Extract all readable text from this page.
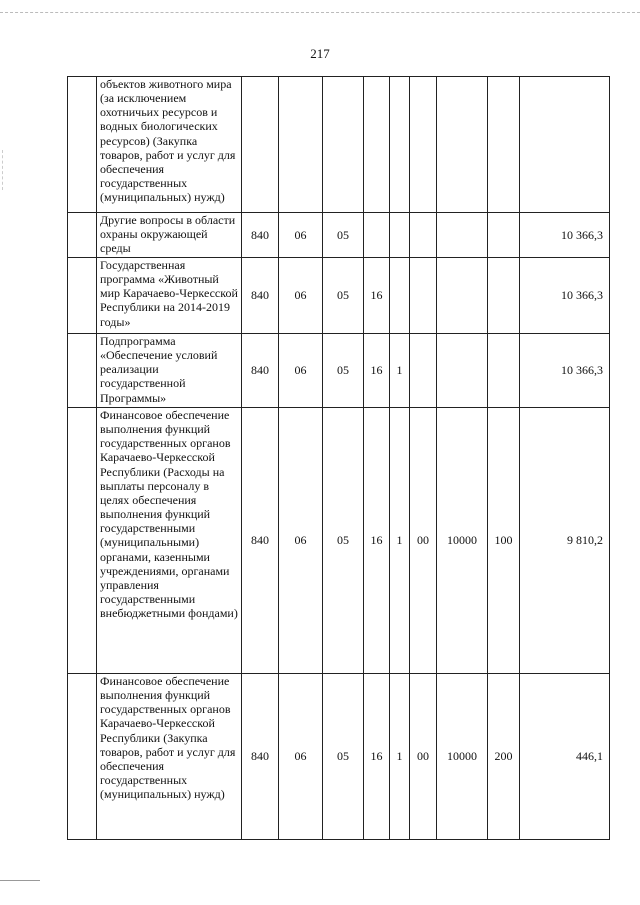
217
	объектов животного мира (за исключением охотничьих ресурсов и водных биологических ресурсов) (Закупка товаров, работ и услуг для обеспечения государственных (муниципальных) нужд)									
	Другие вопросы в области охраны окружающей среды	840	06	05						10 366,3
	Государственная программа «Животный мир Карачаево-Черкесской Республики на 2014-2019 годы»	840	06	05	16					10 366,3
	Подпрограмма «Обеспечение условий реализации государственной Программы»	840	06	05	16	1				10 366,3
	Финансовое обеспечение выполнения функций государственных органов Карачаево-Черкесской Республики (Расходы на выплаты персоналу в целях обеспечения выполнения функций государственными (муниципальными) органами, казенными учреждениями, органами управления государственными внебюджетными фондами)	840	06	05	16	1	00	10000	100	9 810,2
	Финансовое обеспечение выполнения функций государственных органов Карачаево-Черкесской Республики (Закупка товаров, работ и услуг для обеспечения государственных (муниципальных) нужд)	840	06	05	16	1	00	10000	200	446,1
